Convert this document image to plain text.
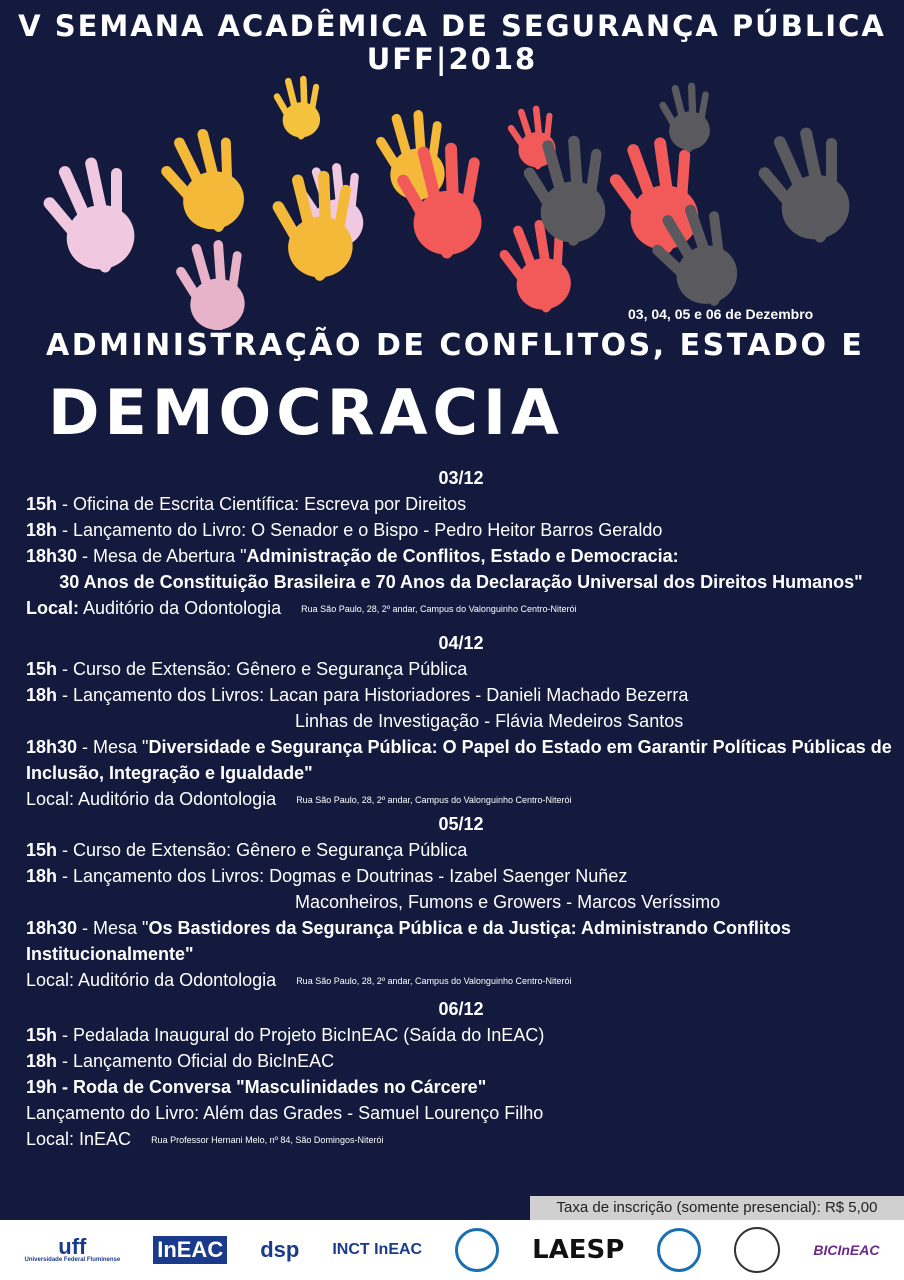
V SEMANA ACADÊMICA DE SEGURANÇA PÚBLICA
UFF|2018
03, 04, 05 e 06 de Dezembro
ADMINISTRAÇÃO DE CONFLITOS, ESTADO E
DEMOCRACIA
03/12
15h - Oficina de Escrita Científica: Escreva por Direitos
18h - Lançamento do Livro: O Senador e o Bispo - Pedro Heitor Barros Geraldo
18h30 - Mesa de Abertura "Administração de Conflitos, Estado e Democracia:
30 Anos de Constituição Brasileira e 70 Anos da Declaração Universal dos Direitos Humanos"
Local: Auditório da Odontologia Rua São Paulo, 28, 2º andar, Campus do Valonguinho Centro-Niterói
04/12
15h - Curso de Extensão: Gênero e Segurança Pública
18h - Lançamento dos Livros: Lacan para Historiadores - Danieli Machado Bezerra
Linhas de Investigação - Flávia Medeiros Santos
18h30 - Mesa "Diversidade e Segurança Pública: O Papel do Estado em Garantir Políticas Públicas de Inclusão, Integração e Igualdade"
Local: Auditório da Odontologia Rua São Paulo, 28, 2º andar, Campus do Valonguinho Centro-Niterói
05/12
15h - Curso de Extensão: Gênero e Segurança Pública
18h - Lançamento dos Livros: Dogmas e Doutrinas - Izabel Saenger Nuñez
Maconheiros, Fumons e Growers - Marcos Veríssimo
18h30 - Mesa "Os Bastidores da Segurança Pública e da Justiça: Administrando Conflitos Institucionalmente"
Local: Auditório da Odontologia Rua São Paulo, 28, 2º andar, Campus do Valonguinho Centro-Niterói
06/12
15h - Pedalada Inaugural do Projeto BicInEAC (Saída do InEAC)
18h - Lançamento Oficial do BicInEAC
19h - Roda de Conversa "Masculinidades no Cárcere"
Lançamento do Livro: Além das Grades - Samuel Lourenço Filho
Local: InEAC Rua Professor Hernani Melo, nº 84, São Domingos-Niterói
Taxa de inscrição (somente presencial): R$ 5,00
uff
Universidade Federal Fluminense InEAC dsp INCT InEAC	LAESP	BICInEAC
